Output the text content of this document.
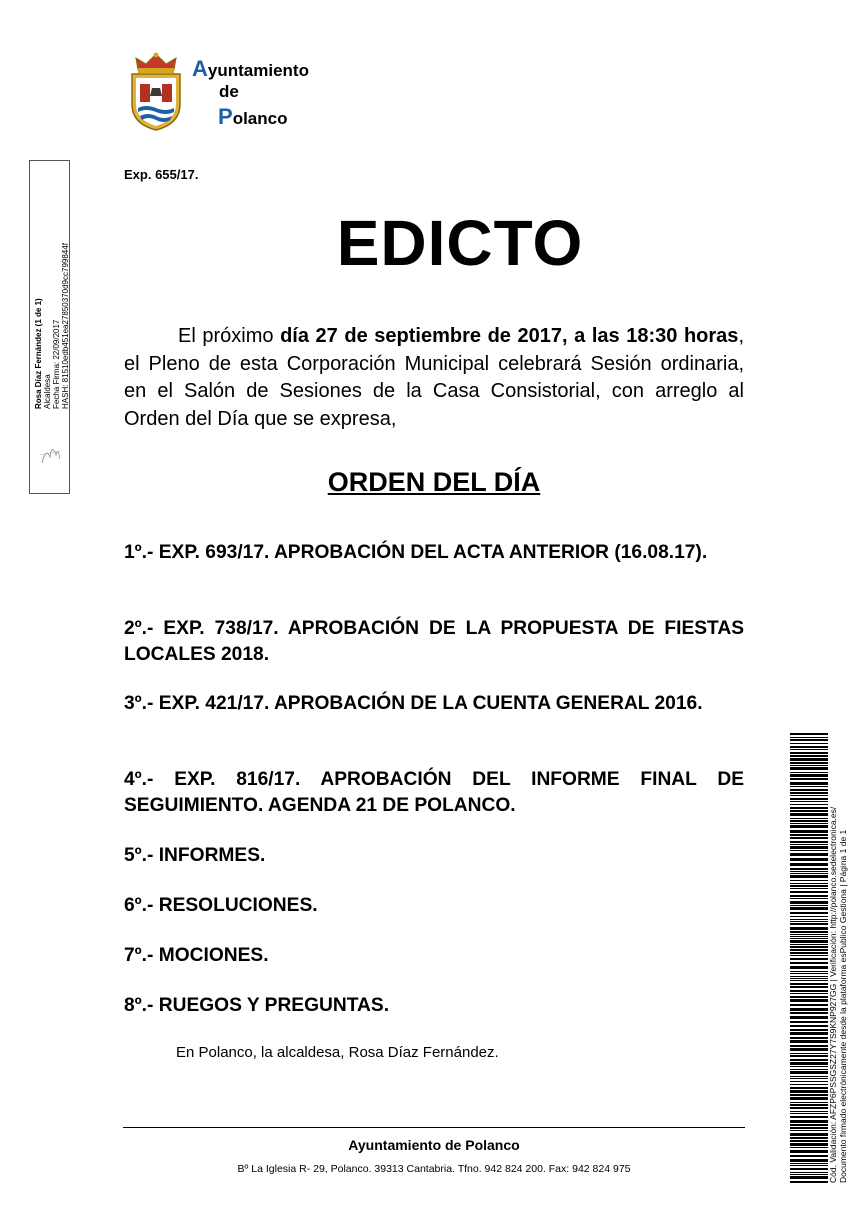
Ayuntamiento
de
Polanco
Rosa Díaz Fernández (1 de 1) Alcaldesa Fecha Firma: 22/09/2017 HASH: 81510edb451ea27850370d9cc799844f
Exp. 655/17.
EDICTO
El próximo día 27 de septiembre de 2017, a las 18:30 horas, el Pleno de esta Corporación Municipal celebrará Sesión ordinaria, en el Salón de Sesiones de la Casa Consistorial, con arreglo al Orden del Día que se expresa,
ORDEN DEL DÍA
1º.- EXP. 693/17. APROBACIÓN DEL ACTA ANTERIOR (16.08.17).
2º.- EXP. 738/17. APROBACIÓN DE LA PROPUESTA DE FIESTAS LOCALES 2018.
3º.- EXP. 421/17. APROBACIÓN DE LA CUENTA GENERAL 2016.
4º.- EXP. 816/17. APROBACIÓN DEL INFORME FINAL DE SEGUIMIENTO. AGENDA 21 DE POLANCO.
5º.- INFORMES.
6º.- RESOLUCIONES.
7º.- MOCIONES.
8º.- RUEGOS Y PREGUNTAS.
En Polanco, la alcaldesa, Rosa Díaz Fernández.
Ayuntamiento de Polanco
Bº La Iglesia R- 29, Polanco. 39313 Cantabria. Tfno. 942 824 200. Fax: 942 824 975	Cód. Validación: AFZP6PSSGSZ27Y7S9KNP927GG | Verificación: http://polanco.sedelectronica.es/ Documento firmado electrónicamente desde la plataforma esPublico Gestiona | Página 1 de 1
